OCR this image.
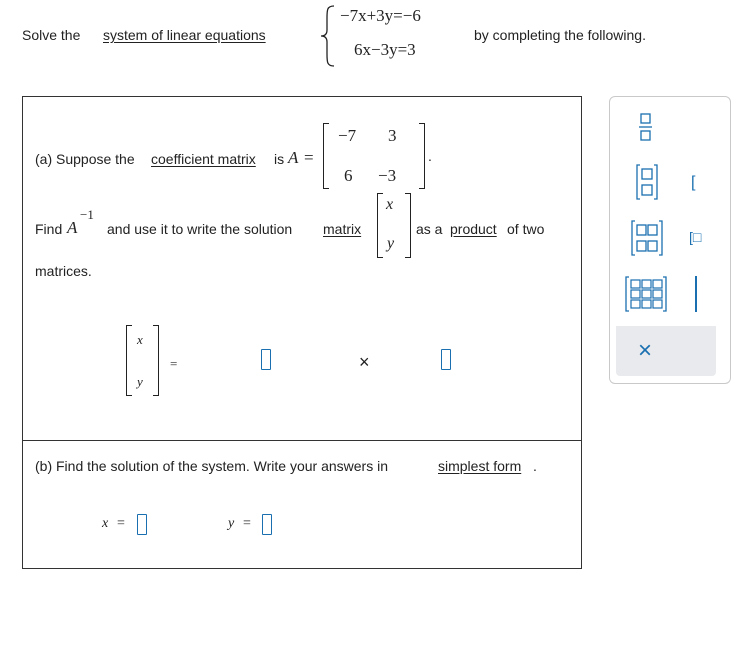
Solve the system of linear equations
−7x+3y=−6
6x−3y=3
by completing the following.
(a) Suppose the coefficient matrix is A =
−7 3
6 −3
.
Find A
−1
and use it to write the solution matrix
x
y
as a product of two
matrices.
x
y
=	×
(b) Find the solution of the system. Write your answers in	simplest form .
x =	y =
[
[□
×
